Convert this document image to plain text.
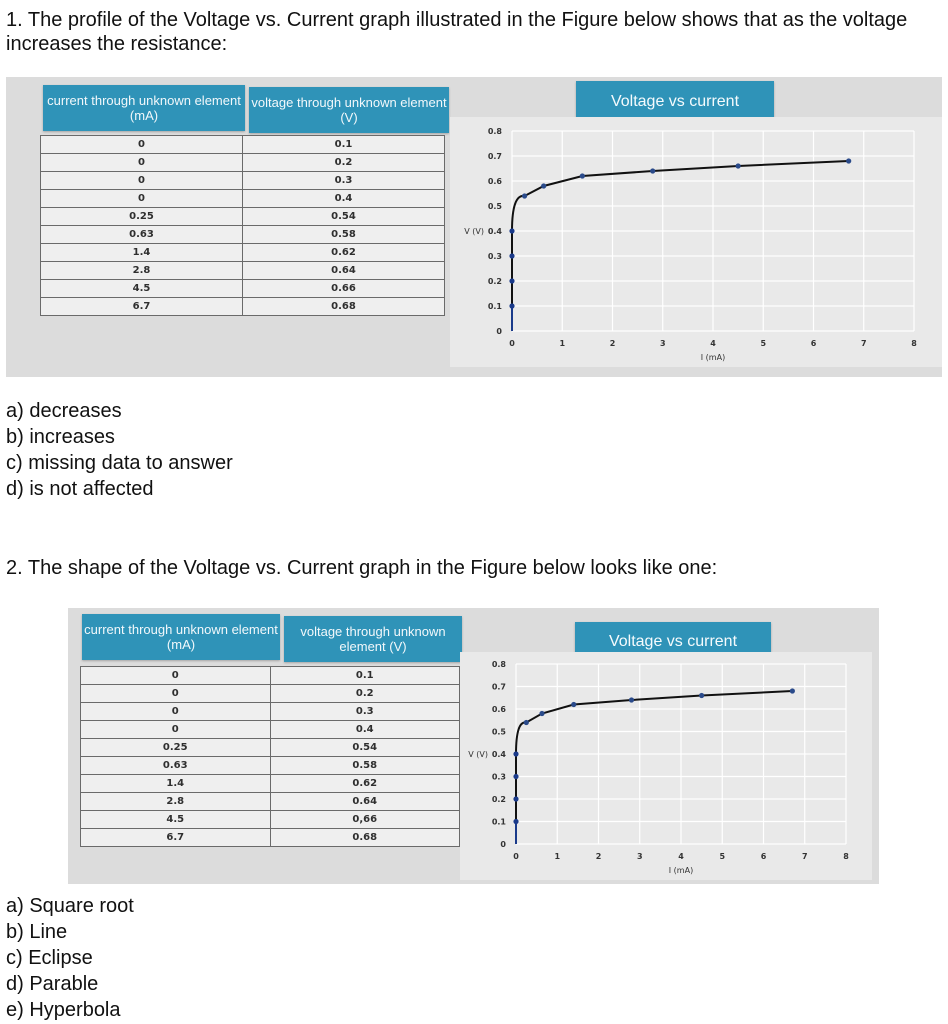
1. The profile of the Voltage vs. Current graph illustrated in the Figure below shows that as the voltage increases the resistance:

current through unknown element (mA)
voltage through unknown element (V)
0	0.1
0	0.2
0	0.3
0	0.4
0.25	0.54
0.63	0.58
1.4	0.62
2.8	0.64
4.5	0.66
6.7	0.68
Voltage vs current
0	1	2	3	4	5	6	7	8
0
0.1
0.2
0.3
0.4
0.5
0.6
0.7
0.8
I (mA)
V (V)
a) decreases
b) increases
c) missing data to answer
d) is not affected

2. The shape of the Voltage vs. Current graph in the Figure below looks like one:

current through unknown element (mA)
voltage through unknown element (V)
0	0.1
0	0.2
0	0.3
0	0.4
0.25	0.54
0.63	0.58
1.4	0.62
2.8	0.64
4.5	0,66
6.7	0.68
Voltage vs current
0	1	2	3	4	5	6	7	8
0
0.1
0.2
0.3
0.4
0.5
0.6
0.7
0.8
I (mA)
V (V)
a) Square root
b) Line
c) Eclipse
d) Parable
e) Hyperbola
